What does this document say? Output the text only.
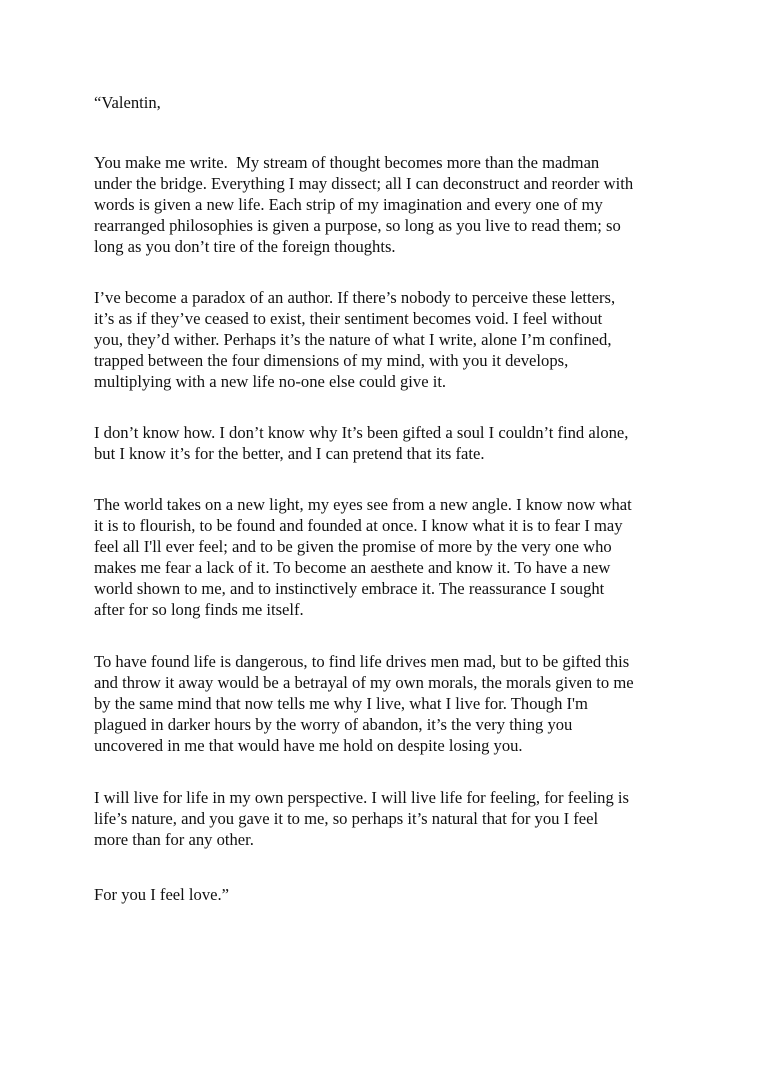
“Valentin,
You make me write.  My stream of thought becomes more than the madman
under the bridge. Everything I may dissect; all I can deconstruct and reorder with
words is given a new life. Each strip of my imagination and every one of my
rearranged philosophies is given a purpose, so long as you live to read them; so
long as you don’t tire of the foreign thoughts.
I’ve become a paradox of an author. If there’s nobody to perceive these letters,
it’s as if they’ve ceased to exist, their sentiment becomes void. I feel without
you, they’d wither. Perhaps it’s the nature of what I write, alone I’m confined,
trapped between the four dimensions of my mind, with you it develops,
multiplying with a new life no-one else could give it.
I don’t know how. I don’t know why It’s been gifted a soul I couldn’t find alone,
but I know it’s for the better, and I can pretend that its fate.
The world takes on a new light, my eyes see from a new angle. I know now what
it is to flourish, to be found and founded at once. I know what it is to fear I may
feel all I'll ever feel; and to be given the promise of more by the very one who
makes me fear a lack of it. To become an aesthete and know it. To have a new
world shown to me, and to instinctively embrace it. The reassurance I sought
after for so long finds me itself.
To have found life is dangerous, to find life drives men mad, but to be gifted this
and throw it away would be a betrayal of my own morals, the morals given to me
by the same mind that now tells me why I live, what I live for. Though I'm
plagued in darker hours by the worry of abandon, it’s the very thing you
uncovered in me that would have me hold on despite losing you.
I will live for life in my own perspective. I will live life for feeling, for feeling is
life’s nature, and you gave it to me, so perhaps it’s natural that for you I feel
more than for any other.
For you I feel love.”
